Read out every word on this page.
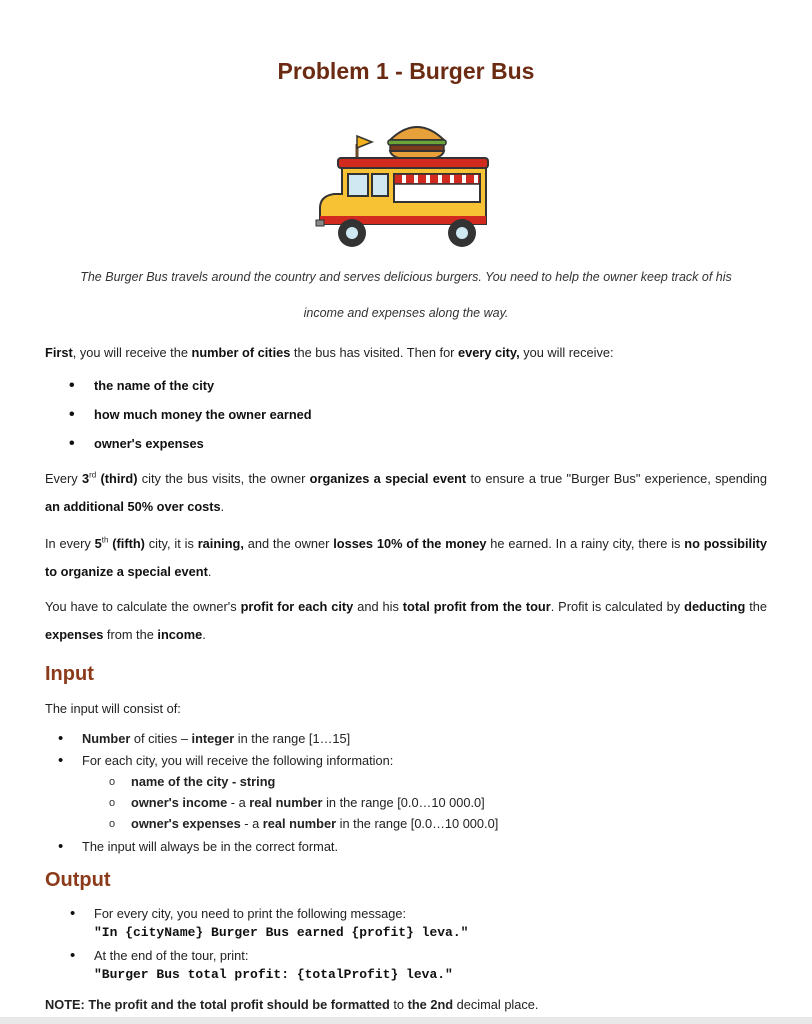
Problem 1 - Burger Bus
The Burger Bus travels around the country and serves delicious burgers. You need to help the owner keep track of his
income and expenses along the way.
First, you will receive the number of cities the bus has visited. Then for every city, you will receive:
• the name of the city
• how much money the owner earned
• owner's expenses
Every 3rd (third) city the bus visits, the owner organizes a special event to ensure a true "Burger Bus" experience, spending an additional 50% over costs.
In every 5th (fifth) city, it is raining, and the owner losses 10% of the money he earned. In a rainy city, there is no possibility to organize a special event.
You have to calculate the owner's profit for each city and his total profit from the tour. Profit is calculated by deducting the expenses from the income.
Input
The input will consist of:
• Number of cities – integer in the range [1…15]
• For each city, you will receive the following information:
o name of the city - string
o owner's income - a real number in the range [0.0…10 000.0]
o owner's expenses - a real number in the range [0.0…10 000.0]
• The input will always be in the correct format.
Output
• For every city, you need to print the following message:
"In {cityName} Burger Bus earned {profit} leva."
• At the end of the tour, print:
"Burger Bus total profit: {totalProfit} leva."
NOTE: The profit and the total profit should be formatted to the 2nd decimal place.
